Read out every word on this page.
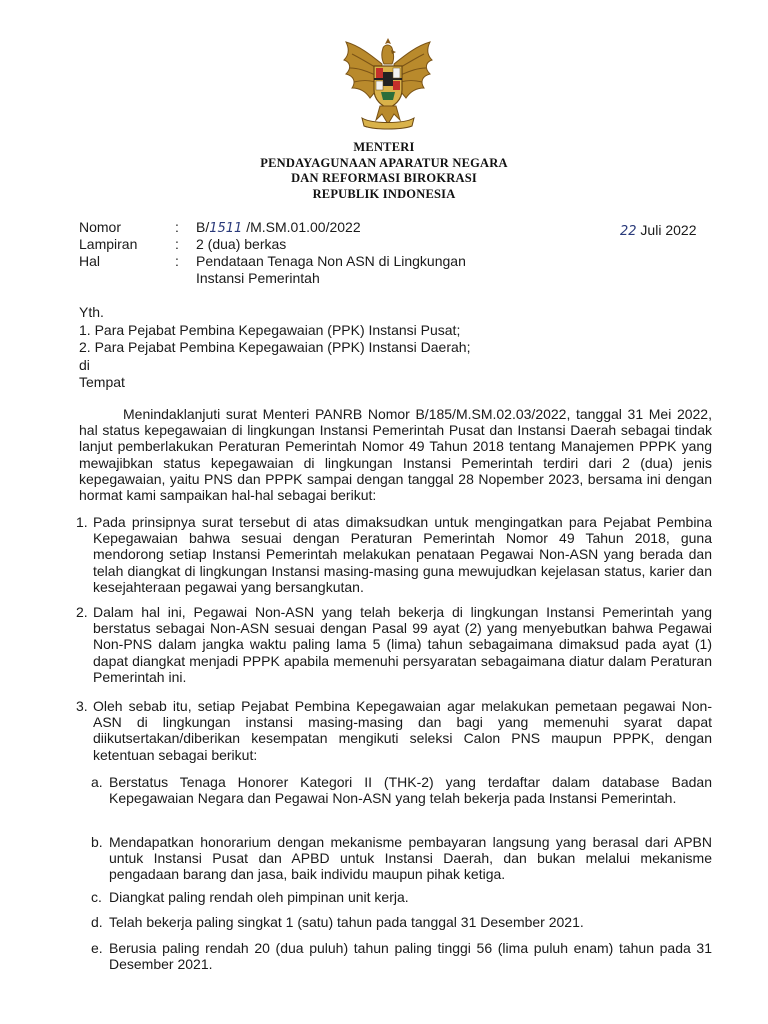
MENTERI
PENDAYAGUNAAN APARATUR NEGARA
DAN REFORMASI BIROKRASI
REPUBLIK INDONESIA
Nomor	: B/1511 /M.SM.01.00/2022
Lampiran	: 2 (dua) berkas
Hal	: Pendataan Tenaga Non ASN di Lingkungan
Instansi Pemerintah
22 Juli 2022
Yth.
1. Para Pejabat Pembina Kepegawaian (PPK) Instansi Pusat;
2. Para Pejabat Pembina Kepegawaian (PPK) Instansi Daerah;
di
Tempat
Menindaklanjuti surat Menteri PANRB Nomor B/185/M.SM.02.03/2022, tanggal 31 Mei 2022, hal status kepegawaian di lingkungan Instansi Pemerintah Pusat dan Instansi Daerah sebagai tindak lanjut pemberlakukan Peraturan Pemerintah Nomor 49 Tahun 2018 tentang Manajemen PPPK yang mewajibkan status kepegawaian di lingkungan Instansi Pemerintah terdiri dari 2 (dua) jenis kepegawaian, yaitu PNS dan PPPK sampai dengan tanggal 28 Nopember 2023, bersama ini dengan hormat kami sampaikan hal-hal sebagai berikut:
1. Pada prinsipnya surat tersebut di atas dimaksudkan untuk mengingatkan para Pejabat Pembina Kepegawaian bahwa sesuai dengan Peraturan Pemerintah Nomor 49 Tahun 2018, guna mendorong setiap Instansi Pemerintah melakukan penataan Pegawai Non-ASN yang berada dan telah diangkat di lingkungan Instansi masing-masing guna mewujudkan kejelasan status, karier dan kesejahteraan pegawai yang bersangkutan.
2. Dalam hal ini, Pegawai Non-ASN yang telah bekerja di lingkungan Instansi Pemerintah yang berstatus sebagai Non-ASN sesuai dengan Pasal 99 ayat (2) yang menyebutkan bahwa Pegawai Non-PNS dalam jangka waktu paling lama 5 (lima) tahun sebagaimana dimaksud pada ayat (1) dapat diangkat menjadi PPPK apabila memenuhi persyaratan sebagaimana diatur dalam Peraturan Pemerintah ini.
3. Oleh sebab itu, setiap Pejabat Pembina Kepegawaian agar melakukan pemetaan pegawai Non-ASN di lingkungan instansi masing-masing dan bagi yang memenuhi syarat dapat diikutsertakan/diberikan kesempatan mengikuti seleksi Calon PNS maupun PPPK, dengan ketentuan sebagai berikut:
a. Berstatus Tenaga Honorer Kategori II (THK-2) yang terdaftar dalam database Badan Kepegawaian Negara dan Pegawai Non-ASN yang telah bekerja pada Instansi Pemerintah.
b. Mendapatkan honorarium dengan mekanisme pembayaran langsung yang berasal dari APBN untuk Instansi Pusat dan APBD untuk Instansi Daerah, dan bukan melalui mekanisme pengadaan barang dan jasa, baik individu maupun pihak ketiga.
c. Diangkat paling rendah oleh pimpinan unit kerja.
d. Telah bekerja paling singkat 1 (satu) tahun pada tanggal 31 Desember 2021.
e. Berusia paling rendah 20 (dua puluh) tahun paling tinggi 56 (lima puluh enam) tahun pada 31 Desember 2021.
